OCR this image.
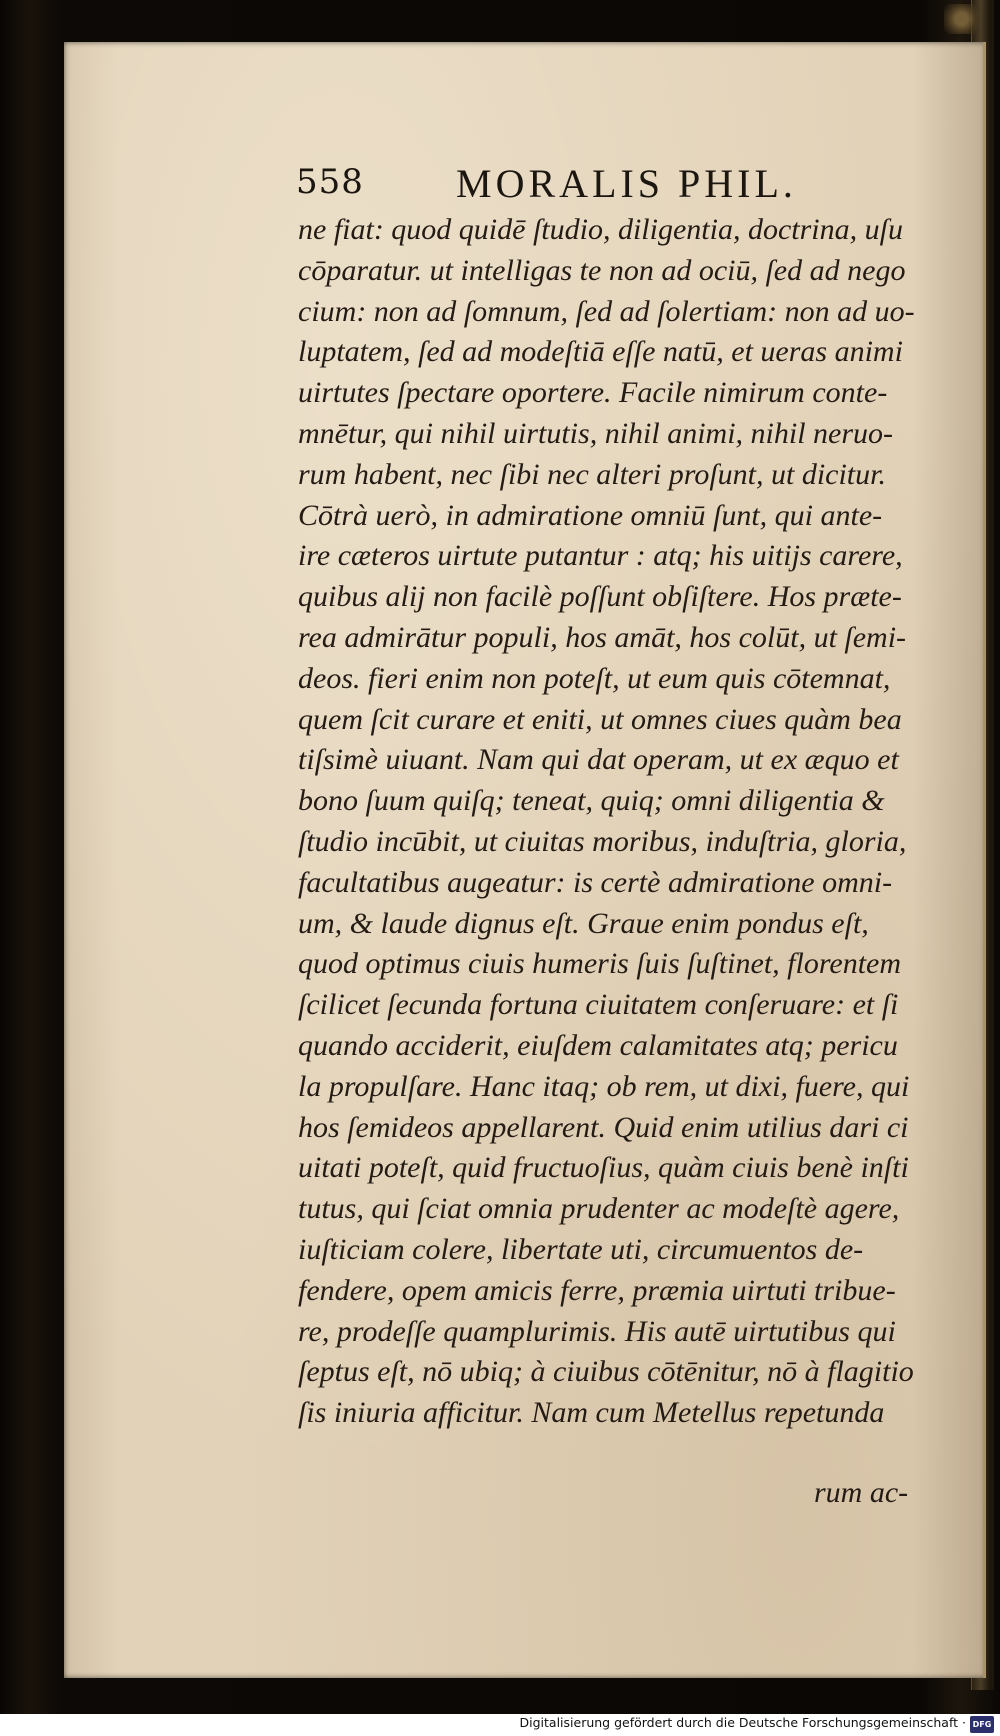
558 MORALIS PHIL.
ne fiat: quod quidē ſtudio, diligentia, doctrina, uſu
cōparatur. ut intelligas te non ad ociū, ſed ad nego
cium: non ad ſomnum, ſed ad ſolertiam: non ad uo-
luptatem, ſed ad modeſtiā eſſe natū, et ueras animi
uirtutes ſpectare oportere. Facile nimirum conte-
mnētur, qui nihil uirtutis, nihil animi, nihil neruo-
rum habent, nec ſibi nec alteri proſunt, ut dicitur.
Cōtrà uerò, in admiratione omniū ſunt, qui ante-
ire cæteros uirtute putantur : atq; his uitijs carere,
quibus alij non facilè poſſunt obſiſtere. Hos præte-
rea admirātur populi, hos amāt, hos colūt, ut ſemi-
deos. fieri enim non poteſt, ut eum quis cōtemnat,
quem ſcit curare et eniti, ut omnes ciues quàm bea
tiſsimè uiuant. Nam qui dat operam, ut ex æquo et
bono ſuum quiſq; teneat, quiq; omni diligentia &
ſtudio incūbit, ut ciuitas moribus, induſtria, gloria,
facultatibus augeatur: is certè admiratione omni-
um, & laude dignus eſt. Graue enim pondus eſt,
quod optimus ciuis humeris ſuis ſuſtinet, florentem
ſcilicet ſecunda fortuna ciuitatem conſeruare: et ſi
quando acciderit, eiuſdem calamitates atq; pericu
la propulſare. Hanc itaq; ob rem, ut dixi, fuere, qui
hos ſemideos appellarent. Quid enim utilius dari ci
uitati poteſt, quid fructuoſius, quàm ciuis benè inſti
tutus, qui ſciat omnia prudenter ac modeſtè agere,
iuſticiam colere, libertate uti, circumuentos de-
fendere, opem amicis ferre, præmia uirtuti tribue-
re, prodeſſe quamplurimis. His autē uirtutibus qui
ſeptus eſt, nō ubiq; à ciuibus cōtēnitur, nō à flagitio
ſis iniuria afficitur. Nam cum Metellus repetunda
rum ac-
Digitalisierung gefördert durch die Deutsche Forschungsgemeinschaft · DFG
